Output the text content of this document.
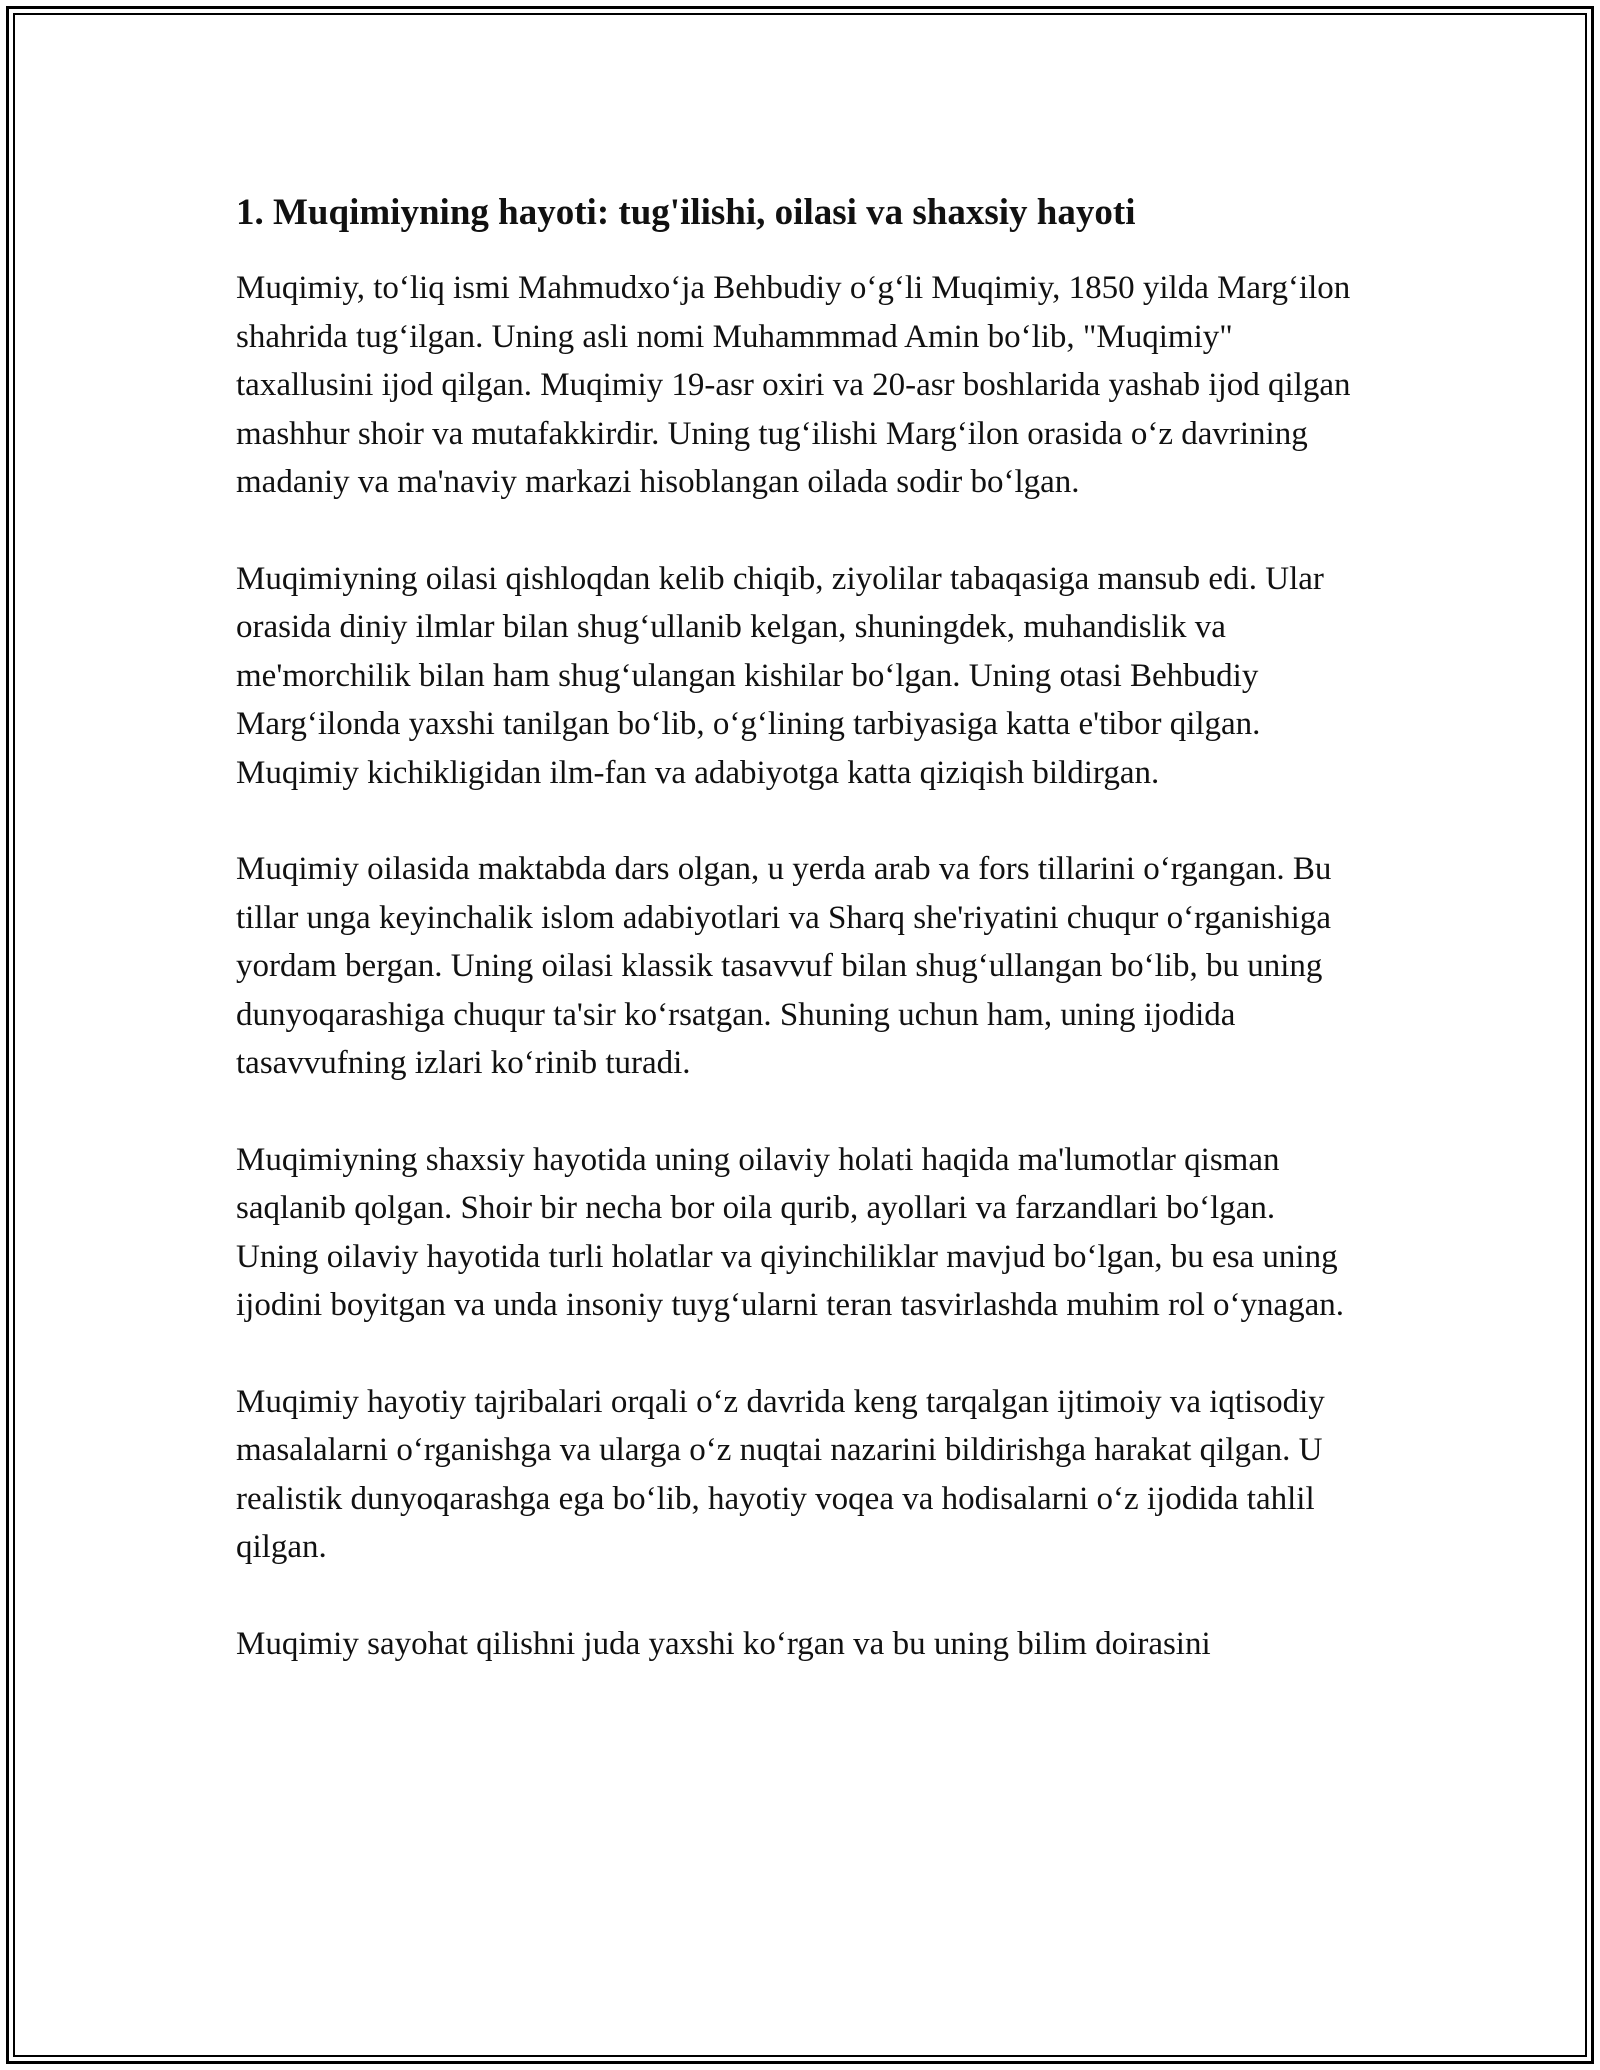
1. Muqimiyning hayoti: tug'ilishi, oilasi va shaxsiy hayoti

Muqimiy, to‘liq ismi Mahmudxo‘ja Behbudiy o‘g‘li Muqimiy, 1850 yilda Marg‘ilon shahrida tug‘ilgan. Uning asli nomi Muhammmad Amin bo‘lib, "Muqimiy" taxallusini ijod qilgan. Muqimiy 19-asr oxiri va 20-asr boshlarida yashab ijod qilgan mashhur shoir va mutafakkirdir. Uning tug‘ilishi Marg‘ilon orasida o‘z davrining madaniy va ma'naviy markazi hisoblangan oilada sodir bo‘lgan.

Muqimiyning oilasi qishloqdan kelib chiqib, ziyolilar tabaqasiga mansub edi. Ular orasida diniy ilmlar bilan shug‘ullanib kelgan, shuningdek, muhandislik va me'morchilik bilan ham shug‘ulangan kishilar bo‘lgan. Uning otasi Behbudiy Marg‘ilonda yaxshi tanilgan bo‘lib, o‘g‘lining tarbiyasiga katta e'tibor qilgan. Muqimiy kichikligidan ilm-fan va adabiyotga katta qiziqish bildirgan.

Muqimiy oilasida maktabda dars olgan, u yerda arab va fors tillarini o‘rgangan. Bu tillar unga keyinchalik islom adabiyotlari va Sharq she'riyatini chuqur o‘rganishiga yordam bergan. Uning oilasi klassik tasavvuf bilan shug‘ullangan bo‘lib, bu uning dunyoqarashiga chuqur ta'sir ko‘rsatgan. Shuning uchun ham, uning ijodida tasavvufning izlari ko‘rinib turadi.

Muqimiyning shaxsiy hayotida uning oilaviy holati haqida ma'lumotlar qisman saqlanib qolgan. Shoir bir necha bor oila qurib, ayollari va farzandlari bo‘lgan. Uning oilaviy hayotida turli holatlar va qiyinchiliklar mavjud bo‘lgan, bu esa uning ijodini boyitgan va unda insoniy tuyg‘ularni teran tasvirlashda muhim rol o‘ynagan.

Muqimiy hayotiy tajribalari orqali o‘z davrida keng tarqalgan ijtimoiy va iqtisodiy masalalarni o‘rganishga va ularga o‘z nuqtai nazarini bildirishga harakat qilgan. U realistik dunyoqarashga ega bo‘lib, hayotiy voqea va hodisalarni o‘z ijodida tahlil qilgan.

Muqimiy sayohat qilishni juda yaxshi ko‘rgan va bu uning bilim doirasini
